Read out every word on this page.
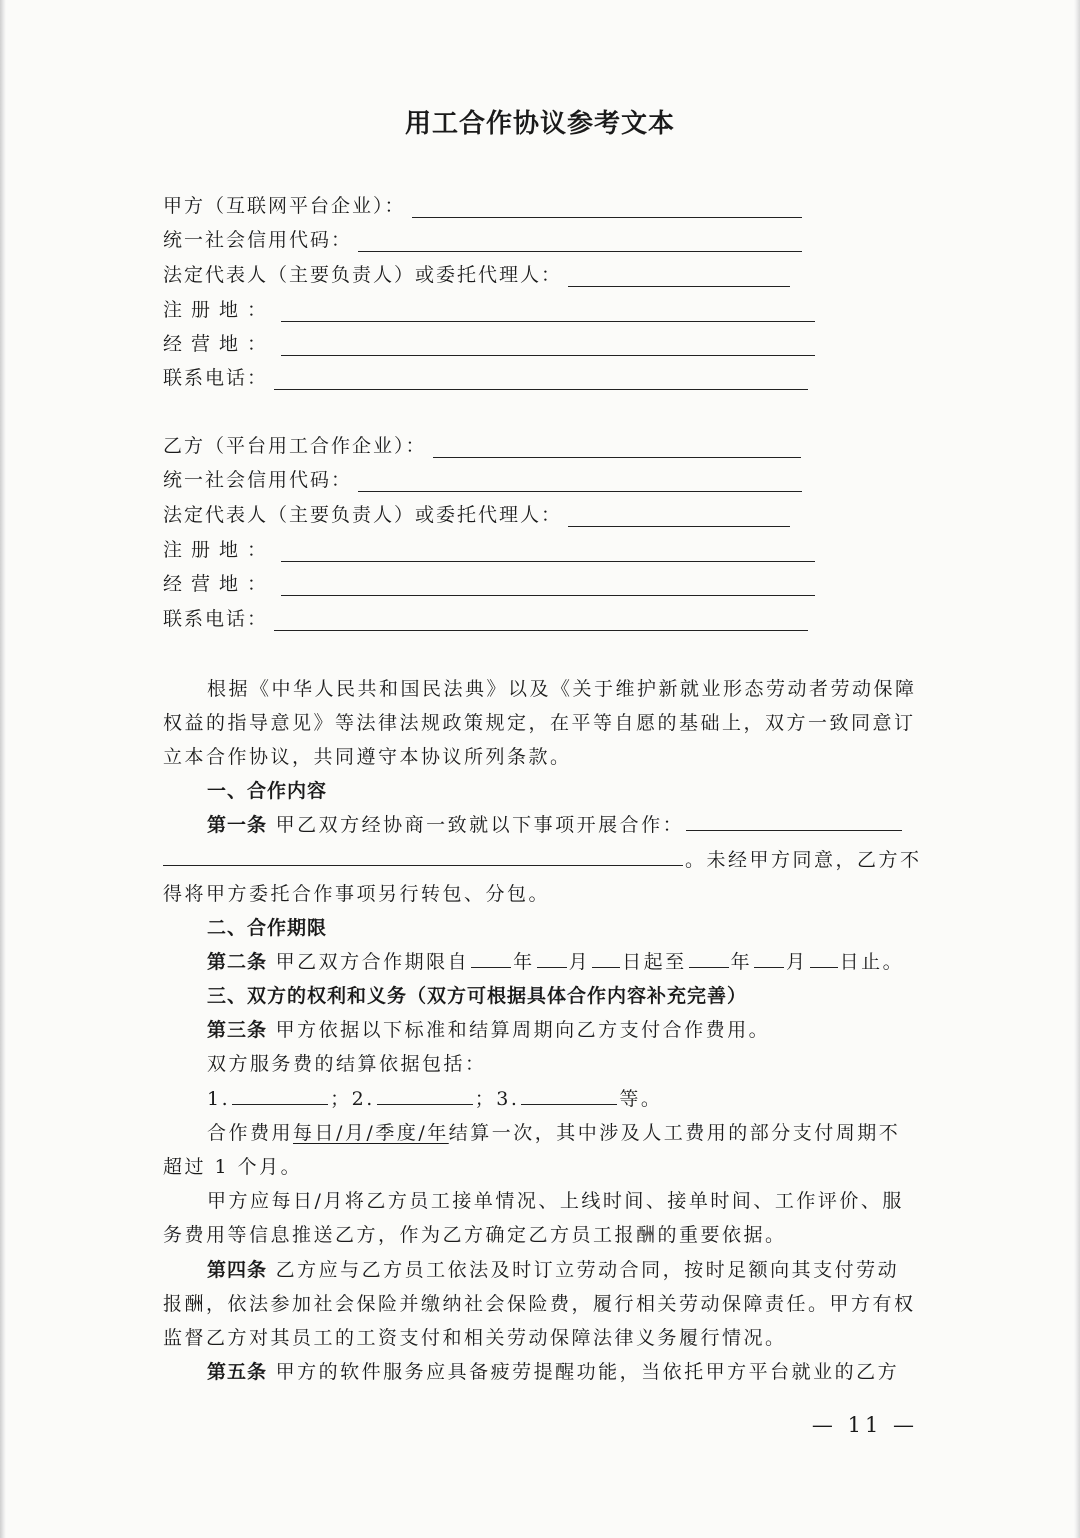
用工合作协议参考文本
甲方（互联网平台企业）：
统一社会信用代码：
法定代表人（主要负责人）或委托代理人：
注册地：
经营地：
联系电话：
乙方（平台用工合作企业）：
统一社会信用代码：
法定代表人（主要负责人）或委托代理人：
注册地：
经营地：
联系电话：
根据《中华人民共和国民法典》以及《关于维护新就业形态劳动者劳动保障
权益的指导意见》等法律法规政策规定，在平等自愿的基础上，双方一致同意订
立本合作协议，共同遵守本协议所列条款。
一、合作内容
第一条 甲乙双方经协商一致就以下事项开展合作：
。未经甲方同意，乙方不
得将甲方委托合作事项另行转包、分包。
二、合作期限
第二条 甲乙双方合作期限自 年 月 日起至 年 月 日止。
三、双方的权利和义务（双方可根据具体合作内容补充完善）
第三条 甲方依据以下标准和结算周期向乙方支付合作费用。
双方服务费的结算依据包括：
1.	；2.	；3.	等。
合作费用每日/月/季度/年结算一次，其中涉及人工费用的部分支付周期不
超过 1 个月。
甲方应每日/月将乙方员工接单情况、上线时间、接单时间、工作评价、服
务费用等信息推送乙方，作为乙方确定乙方员工报酬的重要依据。
第四条 乙方应与乙方员工依法及时订立劳动合同，按时足额向其支付劳动
报酬，依法参加社会保险并缴纳社会保险费，履行相关劳动保障责任。甲方有权
监督乙方对其员工的工资支付和相关劳动保障法律义务履行情况。
第五条 甲方的软件服务应具备疲劳提醒功能，当依托甲方平台就业的乙方
— 11 —
